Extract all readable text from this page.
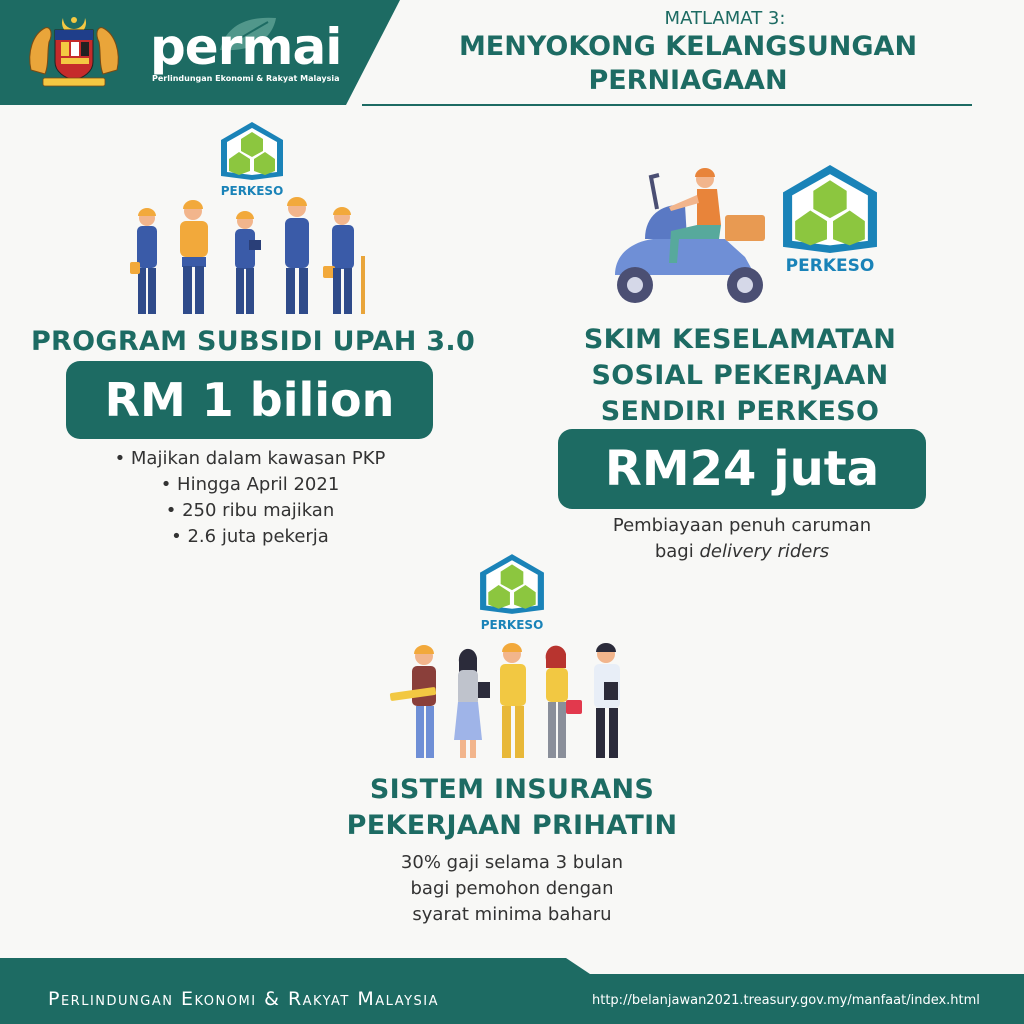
permai
Perlindungan Ekonomi & Rakyat Malaysia
MATLAMAT 3:
MENYOKONG KELANGSUNGAN
PERNIAGAAN
PERKESO
PROGRAM SUBSIDI UPAH 3.0
RM 1 bilion
• Majikan dalam kawasan PKP
• Hingga April 2021
• 250 ribu majikan
• 2.6 juta pekerja
PERKESO
SKIM KESELAMATAN
SOSIAL PEKERJAAN
SENDIRI PERKESO
RM24 juta
Pembiayaan penuh caruman
bagi delivery riders
PERKESO
SISTEM INSURANS
PEKERJAAN PRIHATIN
30% gaji selama 3 bulan
bagi pemohon dengan
syarat minima baharu
Perlindungan Ekonomi & Rakyat Malaysia	http://belanjawan2021.treasury.gov.my/manfaat/index.html
